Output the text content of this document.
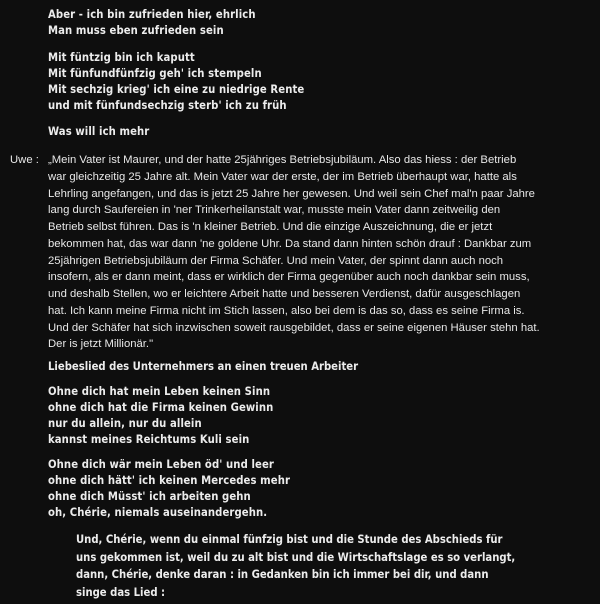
Aber - ich bin zufrieden hier, ehrlich
Man muss eben zufrieden sein
Mit füntzig bin ich kaputt
Mit fünfundfünfzig geh' ich stempeln
Mit sechzig krieg' ich eine zu niedrige Rente
und mit fünfundsechzig sterb' ich zu früh
Was will ich mehr
Uwe : „Mein Vater ist Maurer, und der hatte 25jähriges Betriebsjubiläum. Also das hiess : der Betrieb
war gleichzeitig 25 Jahre alt. Mein Vater war der erste, der im Betrieb überhaupt war, hatte als
Lehrling angefangen, und das is jetzt 25 Jahre her gewesen. Und weil sein Chef mal'n paar Jahre
lang durch Saufereien in 'ner Trinkerheilanstalt war, musste mein Vater dann zeitweilig den
Betrieb selbst führen. Das is 'n kleiner Betrieb. Und die einzige Auszeichnung, die er jetzt
bekommen hat, das war dann 'ne goldene Uhr. Da stand dann hinten schön drauf : Dankbar zum
25jährigen Betriebsjubiläum der Firma Schäfer. Und mein Vater, der spinnt dann auch noch
insofern, als er dann meint, dass er wirklich der Firma gegenüber auch noch dankbar sein muss,
und deshalb Stellen, wo er leichtere Arbeit hatte und besseren Verdienst, dafür ausgeschlagen
hat. Ich kann meine Firma nicht im Stich lassen, also bei dem is das so, dass es seine Firma is.
Und der Schäfer hat sich inzwischen soweit rausgebildet, dass er seine eigenen Häuser stehn hat.
Der is jetzt Millionär."
Liebeslied des Unternehmers an einen treuen Arbeiter
Ohne dich hat mein Leben keinen Sinn
ohne dich hat die Firma keinen Gewinn
nur du allein, nur du allein
kannst meines Reichtums Kuli sein
Ohne dich wär mein Leben öd' und leer
ohne dich hätt' ich keinen Mercedes mehr
ohne dich Müsst' ich arbeiten gehn
oh, Chérie, niemals auseinandergehn.
Und, Chérie, wenn du einmal fünfzig bist und die Stunde des Abschieds für
uns gekommen ist, weil du zu alt bist und die Wirtschaftslage es so verlangt,
dann, Chérie, denke daran : in Gedanken bin ich immer bei dir, und dann
singe das Lied :
